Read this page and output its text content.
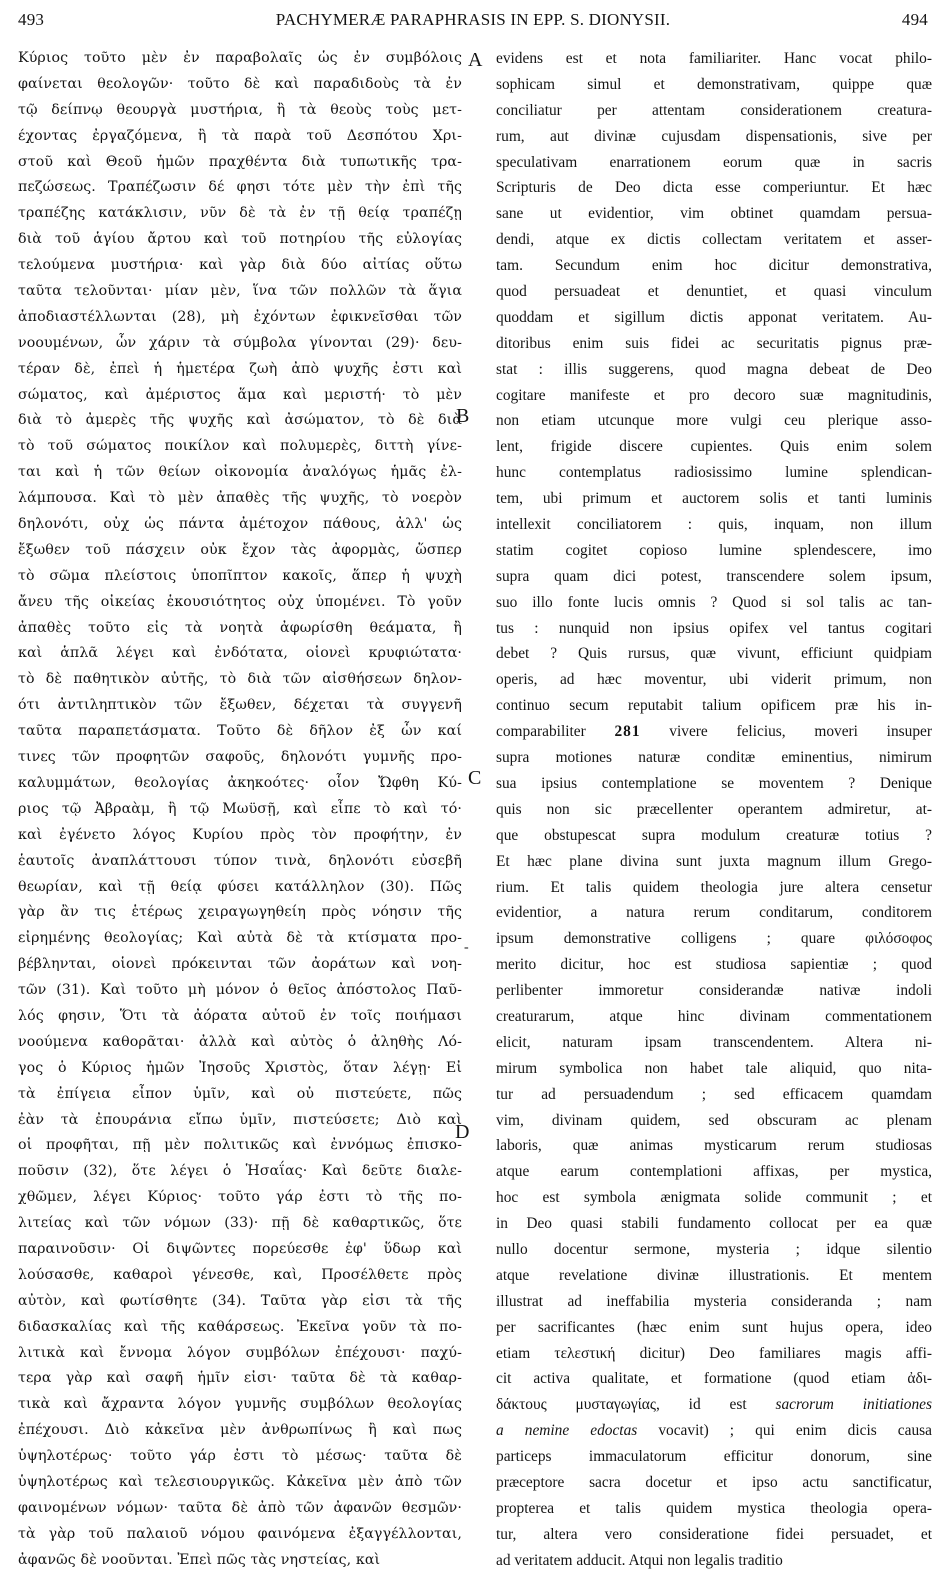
493	PACHYMERÆ PARAPHRASIS IN EPP. S. DIONYSII.	494
Κύριος τοῦτο μὲν ἐν παραβολαῖς ὡς ἐν συμβόλοις
φαίνεται θεολογῶν· τοῦτο δὲ καὶ παραδιδοὺς τὰ ἐν
τῷ δείπνῳ θεουργὰ μυστήρια, ἢ τὰ θεοὺς τοὺς μετ-
έχοντας ἐργαζόμενα, ἢ τὰ παρὰ τοῦ Δεσπότου Χρι-
στοῦ καὶ Θεοῦ ἡμῶν πραχθέντα διὰ τυπωτικῆς τρα-
πεζώσεως. Τραπέζωσιν δέ φησι τότε μὲν τὴν ἐπὶ τῆς
τραπέζης κατάκλισιν, νῦν δὲ τὰ ἐν τῇ θείᾳ τραπέζῃ
διὰ τοῦ ἁγίου ἄρτου καὶ τοῦ ποτηρίου τῆς εὐλογίας
τελούμενα μυστήρια· καὶ γὰρ διὰ δύο αἰτίας οὕτω
ταῦτα τελοῦνται· μίαν μὲν, ἵνα τῶν πολλῶν τὰ ἅγια
ἀποδιαστέλλωνται (28), μὴ ἐχόντων ἐφικνεῖσθαι τῶν
νοουμένων, ὧν χάριν τὰ σύμβολα γίνονται (29)· δευ-
τέραν δὲ, ἐπεὶ ἡ ἡμετέρα ζωὴ ἀπὸ ψυχῆς ἐστι καὶ
σώματος, καὶ ἀμέριστος ἅμα καὶ μεριστή· τὸ μὲν
διὰ τὸ ἀμερὲς τῆς ψυχῆς καὶ ἀσώματον, τὸ δὲ διὰ
τὸ τοῦ σώματος ποικίλον καὶ πολυμερὲς, διττὴ γίνε-
ται καὶ ἡ τῶν θείων οἰκονομία ἀναλόγως ἡμᾶς ἐλ-
λάμπουσα. Καὶ τὸ μὲν ἀπαθὲς τῆς ψυχῆς, τὸ νοερὸν
δηλονότι, οὐχ ὡς πάντα ἀμέτοχον πάθους, ἀλλ' ὡς
ἔξωθεν τοῦ πάσχειν οὐκ ἔχον τὰς ἀφορμὰς, ὥσπερ
τὸ σῶμα πλείστοις ὑποπῖπτον κακοῖς, ἅπερ ἡ ψυχὴ
ἄνευ τῆς οἰκείας ἑκουσιότητος οὐχ ὑπομένει. Τὸ γοῦν
ἀπαθὲς τοῦτο εἰς τὰ νοητὰ ἀφωρίσθη θεάματα, ἢ
καὶ ἁπλᾶ λέγει καὶ ἐνδότατα, οἱονεὶ κρυφιώτατα·
τὸ δὲ παθητικὸν αὐτῆς, τὸ διὰ τῶν αἰσθήσεων δηλον-
ότι ἀντιληπτικὸν τῶν ἔξωθεν, δέχεται τὰ συγγενῆ
ταῦτα παραπετάσματα. Τοῦτο δὲ δῆλον ἐξ ὧν καί
τινες τῶν προφητῶν σαφοῦς, δηλονότι γυμνῆς προ-
καλυμμάτων, θεολογίας ἀκηκοότες· οἷον Ὤφθη Κύ-
ριος τῷ Ἀβραὰμ, ἢ τῷ Μωϋσῇ, καὶ εἶπε τὸ καὶ τό·
καὶ ἐγένετο λόγος Κυρίου πρὸς τὸν προφήτην, ἐν
ἑαυτοῖς ἀναπλάττουσι τύπον τινὰ, δηλονότι εὐσεβῆ
θεωρίαν, καὶ τῇ θείᾳ φύσει κατάλληλον (30). Πῶς
γὰρ ἂν τις ἑτέρως χειραγωγηθείη πρὸς νόησιν τῆς
εἰρημένης θεολογίας; Καὶ αὐτὰ δὲ τὰ κτίσματα προ-
βέβληνται, οἱονεὶ πρόκεινται τῶν ἀοράτων καὶ νοη-
τῶν (31). Καὶ τοῦτο μὴ μόνον ὁ θεῖος ἀπόστολος Παῦ-
λός φησιν, Ὅτι τὰ ἀόρατα αὐτοῦ ἐν τοῖς ποιήμασι
νοούμενα καθορᾶται· ἀλλὰ καὶ αὐτὸς ὁ ἀληθὴς Λό-
γος ὁ Κύριος ἡμῶν Ἰησοῦς Χριστὸς, ὅταν λέγῃ· Εἰ
τὰ ἐπίγεια εἶπον ὑμῖν, καὶ οὐ πιστεύετε, πῶς
ἐὰν τὰ ἐπουράνια εἴπω ὑμῖν, πιστεύσετε; Διὸ καὶ
οἱ προφῆται, πῇ μὲν πολιτικῶς καὶ ἐννόμως ἐπισκο-
ποῦσιν (32), ὅτε λέγει ὁ Ἡσαΐας· Καὶ δεῦτε διαλε-
χθῶμεν, λέγει Κύριος· τοῦτο γάρ ἐστι τὸ τῆς πο-
λιτείας καὶ τῶν νόμων (33)· πῇ δὲ καθαρτικῶς, ὅτε
παραινοῦσιν· Οἱ διψῶντες πορεύεσθε ἐφ' ὕδωρ καὶ
λούσασθε, καθαροὶ γένεσθε, καὶ, Προσέλθετε πρὸς
αὐτὸν, καὶ φωτίσθητε (34). Ταῦτα γὰρ εἰσι τὰ τῆς
διδασκαλίας καὶ τῆς καθάρσεως. Ἐκεῖνα γοῦν τὰ πο-
λιτικὰ καὶ ἔννομα λόγον συμβόλων ἐπέχουσι· παχύ-
τερα γὰρ καὶ σαφῆ ἡμῖν εἰσι· ταῦτα δὲ τὰ καθαρ-
τικὰ καὶ ἄχραντα λόγον γυμνῆς συμβόλων θεολογίας
ἐπέχουσι. Διὸ κἀκεῖνα μὲν ἀνθρωπίνως ἢ καὶ πως
ὑψηλοτέρως· τοῦτο γάρ ἐστι τὸ μέσως· ταῦτα δὲ
ὑψηλοτέρως καὶ τελεσιουργικῶς. Κἀκεῖνα μὲν ἀπὸ τῶν
φαινομένων νόμων· ταῦτα δὲ ἀπὸ τῶν ἀφανῶν θεσμῶν·
τὰ γὰρ τοῦ παλαιοῦ νόμου φαινόμενα ἐξαγγέλλονται,
ἀφανῶς δὲ νοοῦνται. Ἐπεὶ πῶς τὰς νηστείας, καὶ
evidens est et nota familiariter. Hanc vocat philo-
sophicam simul et demonstrativam, quippe quæ
conciliatur per attentam considerationem creatura-
rum, aut divinæ cujusdam dispensationis, sive per
speculativam enarrationem eorum quæ in sacris
Scripturis de Deo dicta esse comperiuntur. Et hæc
sane ut evidentior, vim obtinet quamdam persua-
dendi, atque ex dictis collectam veritatem et asser-
tam. Secundum enim hoc dicitur demonstrativa,
quod persuadeat et denuntiet, et quasi vinculum
quoddam et sigillum dictis apponat veritatem. Au-
ditoribus enim suis fidei ac securitatis pignus præ-
stat : illis suggerens, quod magna debeat de Deo
cogitare manifeste et pro decoro suæ magnitudinis,
non etiam utcunque more vulgi ceu plerique asso-
lent, frigide discere cupientes. Quis enim solem
hunc contemplatus radiosissimo lumine splendican-
tem, ubi primum et auctorem solis et tanti luminis
intellexit conciliatorem : quis, inquam, non illum
statim cogitet copioso lumine splendescere, imo
supra quam dici potest, transcendere solem ipsum,
suo illo fonte lucis omnis ? Quod si sol talis ac tan-
tus : nunquid non ipsius opifex vel tantus cogitari
debet ? Quis rursus, quæ vivunt, efficiunt quidpiam
operis, ad hæc moventur, ubi viderit primum, non
continuo secum reputabit talium opificem præ his in-
comparabiliter 281 vivere felicius, moveri insuper
supra motiones naturæ conditæ eminentius, nimirum
sua ipsius contemplatione se moventem ? Denique
quis non sic præcellenter operantem admiretur, at-
que obstupescat supra modulum creaturæ totius ?
Et hæc plane divina sunt juxta magnum illum Grego-
rium. Et talis quidem theologia jure altera censetur
evidentior, a natura rerum conditarum, conditorem
ipsum demonstrative colligens ; quare φιλόσοφος
merito dicitur, hoc est studiosa sapientiæ ; quod
perlibenter immoretur considerandæ nativæ indoli
creaturarum, atque hinc divinam commentationem
elicit, naturam ipsam transcendentem. Altera ni-
mirum symbolica non habet tale aliquid, quo nita-
tur ad persuadendum ; sed efficacem quamdam
vim, divinam quidem, sed obscuram ac plenam
laboris, quæ animas mysticarum rerum studiosas
atque earum contemplationi affixas, per mystica,
hoc est symbola ænigmata solide communit ; et
in Deo quasi stabili fundamento collocat per ea quæ
nullo docentur sermone, mysteria ; idque silentio
atque revelatione divinæ illustrationis. Et mentem
illustrat ad ineffabilia mysteria consideranda ; nam
per sacrificantes (hæc enim sunt hujus opera, ideo
etiam τελεστική dicitur) Deo familiares magis affi-
cit activa qualitate, et formatione (quod etiam ἀδι-
δάκτους μυσταγωγίας, id est sacrorum initiationes
a nemine edoctas vocavit) ; qui enim dicis causa
particeps immaculatorum efficitur donorum, sine
præceptore sacra docetur et ipso actu sanctificatur,
propterea et talis quidem mystica theologia opera-
tur, altera vero consideratione fidei persuadet, et
ad veritatem adducit. Atqui non legalis traditio
A
B
C
D
-
